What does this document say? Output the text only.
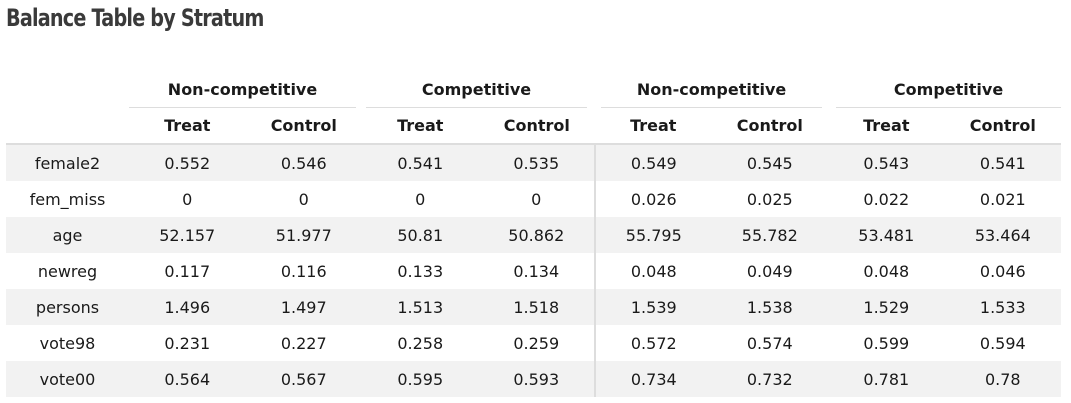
Balance Table by Stratum

	Non-competitive		Competitive		Non-competitive		Competitive	

	Treat	Control	Treat	Control	Treat	Control	Treat	Control
female2	0.552	0.546	0.541	0.535	0.549	0.545	0.543	0.541
fem_miss	0	0	0	0	0.026	0.025	0.022	0.021
age	52.157	51.977	50.81	50.862	55.795	55.782	53.481	53.464
newreg	0.117	0.116	0.133	0.134	0.048	0.049	0.048	0.046
persons	1.496	1.497	1.513	1.518	1.539	1.538	1.529	1.533
vote98	0.231	0.227	0.258	0.259	0.572	0.574	0.599	0.594
vote00	0.564	0.567	0.595	0.593	0.734	0.732	0.781	0.78
